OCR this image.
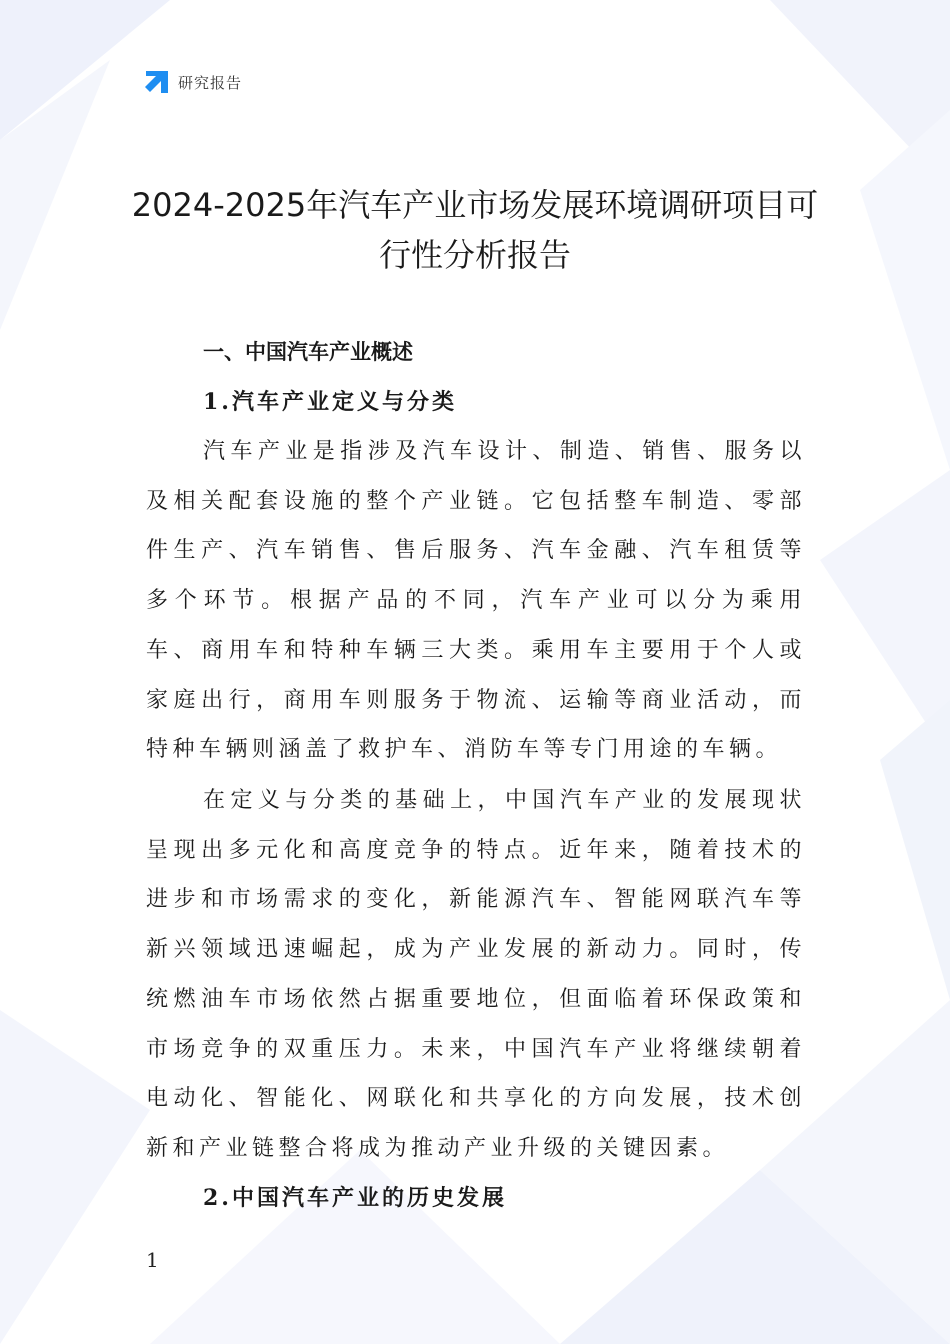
研究报告
2024-2025年汽车产业市场发展环境调研项目可行性分析报告
一、中国汽车产业概述
1.汽车产业定义与分类

汽车产业是指涉及汽车设计、制造、销售、服务以及相关配套设施的整个产业链。它包括整车制造、零部件生产、汽车销售、售后服务、汽车金融、汽车租赁等多个环节。根据产品的不同，汽车产业可以分为乘用车、商用车和特种车辆三大类。乘用车主要用于个人或家庭出行，商用车则服务于物流、运输等商业活动，而特种车辆则涵盖了救护车、消防车等专门用途的车辆。

在定义与分类的基础上，中国汽车产业的发展现状呈现出多元化和高度竞争的特点。近年来，随着技术的进步和市场需求的变化，新能源汽车、智能网联汽车等新兴领域迅速崛起，成为产业发展的新动力。同时，传统燃油车市场依然占据重要地位，但面临着环保政策和市场竞争的双重压力。未来，中国汽车产业将继续朝着电动化、智能化、网联化和共享化的方向发展，技术创新和产业链整合将成为推动产业升级的关键因素。

2.中国汽车产业的历史发展
1
